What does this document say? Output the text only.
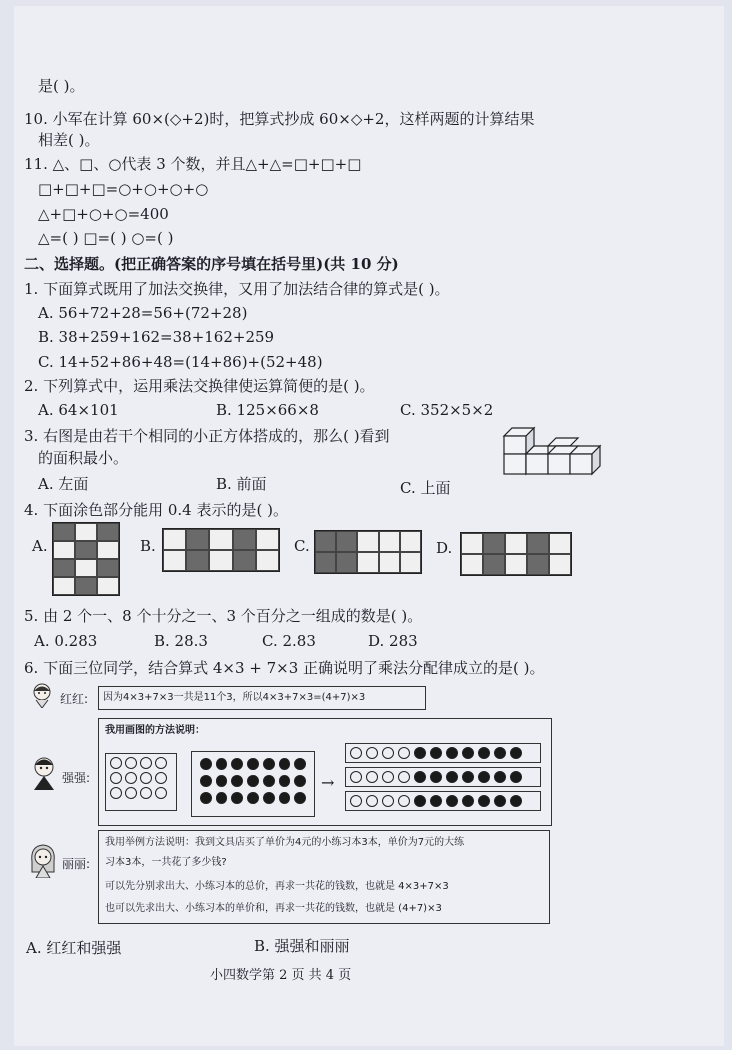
是( )。
10. 小军在计算 60×(◇+2)时，把算式抄成 60×◇+2，这样两题的计算结果
相差( )。
11. △、□、○代表 3 个数，并且△+△=□+□+□
□+□+□=○+○+○+○
△+□+○+○=400
△=( ) □=( ) ○=( )
二、选择题。(把正确答案的序号填在括号里)(共 10 分)
1. 下面算式既用了加法交换律，又用了加法结合律的算式是( )。
A. 56+72+28=56+(72+28)
B. 38+259+162=38+162+259
C. 14+52+86+48=(14+86)+(52+48)
2. 下列算式中，运用乘法交换律使运算简便的是( )。
A. 64×101	B. 125×66×8	C. 352×5×2
3. 右图是由若干个相同的小正方体搭成的，那么( )看到
的面积最小。
A. 左面	B. 前面	C. 上面
4. 下面涂色部分能用 0.4 表示的是( )。
A.	B.	C.	D.
5. 由 2 个一、8 个十分之一、3 个百分之一组成的数是( )。
A. 0.283	B. 28.3	C. 2.83	D. 283
6. 下面三位同学，结合算式 4×3 + 7×3 正确说明了乘法分配律成立的是( )。
红红:	因为4×3+7×3一共是11个3，所以4×3+7×3=(4+7)×3
强强:
我用画图的方法说明：
→
丽丽:
我用举例方法说明：我到文具店买了单价为4元的小练习本3本，单价为7元的大练
习本3本，一共花了多少钱?
可以先分别求出大、小练习本的总价，再求一共花的钱数，也就是 4×3+7×3
也可以先求出大、小练习本的单价和，再求一共花的钱数，也就是 (4+7)×3
A. 红红和强强	B. 强强和丽丽
小四数学第 2 页 共 4 页
